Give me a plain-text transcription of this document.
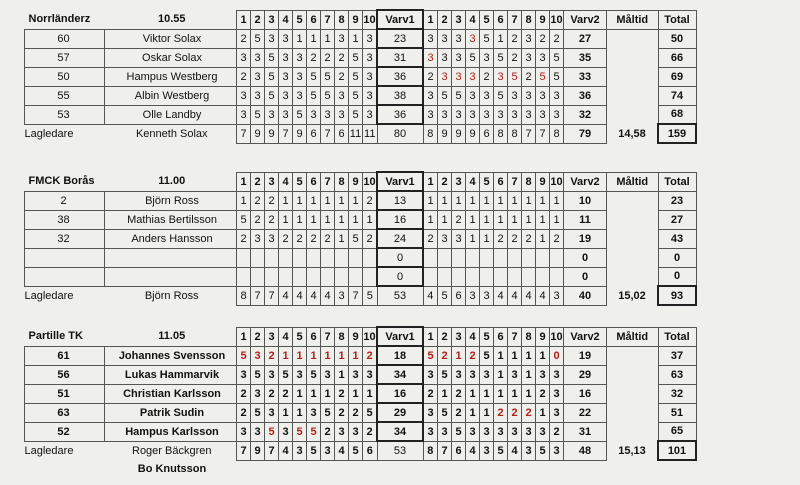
Norrländerz	10.55	1	2	3	4	5	6	7	8	9	10	Varv1	1	2	3	4	5	6	7	8	9	10	Varv2	Måltid	Total
60	Viktor Solax	2	5	3	3	1	1	1	3	1	3	23	3	3	3	3	5	1	2	3	2	2	27		50
57	Oskar Solax	3	3	5	3	3	2	2	2	5	3	31	3	3	3	5	3	5	2	3	3	5	35		66
50	Hampus Westberg	2	3	5	3	3	5	5	2	5	3	36	2	3	3	3	2	3	5	2	5	5	33		69
55	Albin Westberg	3	3	5	3	3	5	5	3	5	3	38	3	5	5	3	3	5	3	3	3	3	36		74
53	Olle Landby	3	5	3	3	5	3	3	3	5	3	36	3	3	3	3	3	3	3	3	3	3	32		68
Lagledare	Kenneth Solax	7	9	9	7	9	6	7	6	11	11	80	8	9	9	9	6	8	8	7	7	8	79	14,58	159
FMCK Borås	11.00	1	2	3	4	5	6	7	8	9	10	Varv1	1	2	3	4	5	6	7	8	9	10	Varv2	Måltid	Total
2	Björn Ross	1	2	2	1	1	1	1	1	1	2	13	1	1	1	1	1	1	1	1	1	1	10		23
38	Mathias Bertilsson	5	2	2	1	1	1	1	1	1	1	16	1	1	2	1	1	1	1	1	1	1	11		27
32	Anders Hansson	2	3	3	2	2	2	2	1	5	2	24	2	3	3	1	1	2	2	2	1	2	19		43
												0											0		0
												0											0		0
Lagledare	Björn Ross	8	7	7	4	4	4	4	3	7	5	53	4	5	6	3	3	4	4	4	4	3	40	15,02	93
Partille TK	11.05	1	2	3	4	5	6	7	8	9	10	Varv1	1	2	3	4	5	6	7	8	9	10	Varv2	Måltid	Total
61	Johannes Svensson	5	3	2	1	1	1	1	1	1	2	18	5	2	1	2	5	1	1	1	1	0	19		37
56	Lukas Hammarvik	3	5	3	5	3	5	3	1	3	3	34	3	5	3	3	3	1	3	1	3	3	29		63
51	Christian Karlsson	2	3	2	2	1	1	1	2	1	1	16	2	1	2	1	1	1	1	1	2	3	16		32
63	Patrik Sudin	2	5	3	1	1	3	5	2	2	5	29	3	5	2	1	1	2	2	2	1	3	22		51
52	Hampus Karlsson	3	3	5	3	5	5	2	3	3	2	34	3	3	5	3	3	3	3	3	3	2	31		65
Lagledare	Roger Bäckgren	7	9	7	4	3	5	3	4	5	6	53	8	7	6	4	3	5	4	3	5	3	48	15,13	101
	Bo Knutsson																								
